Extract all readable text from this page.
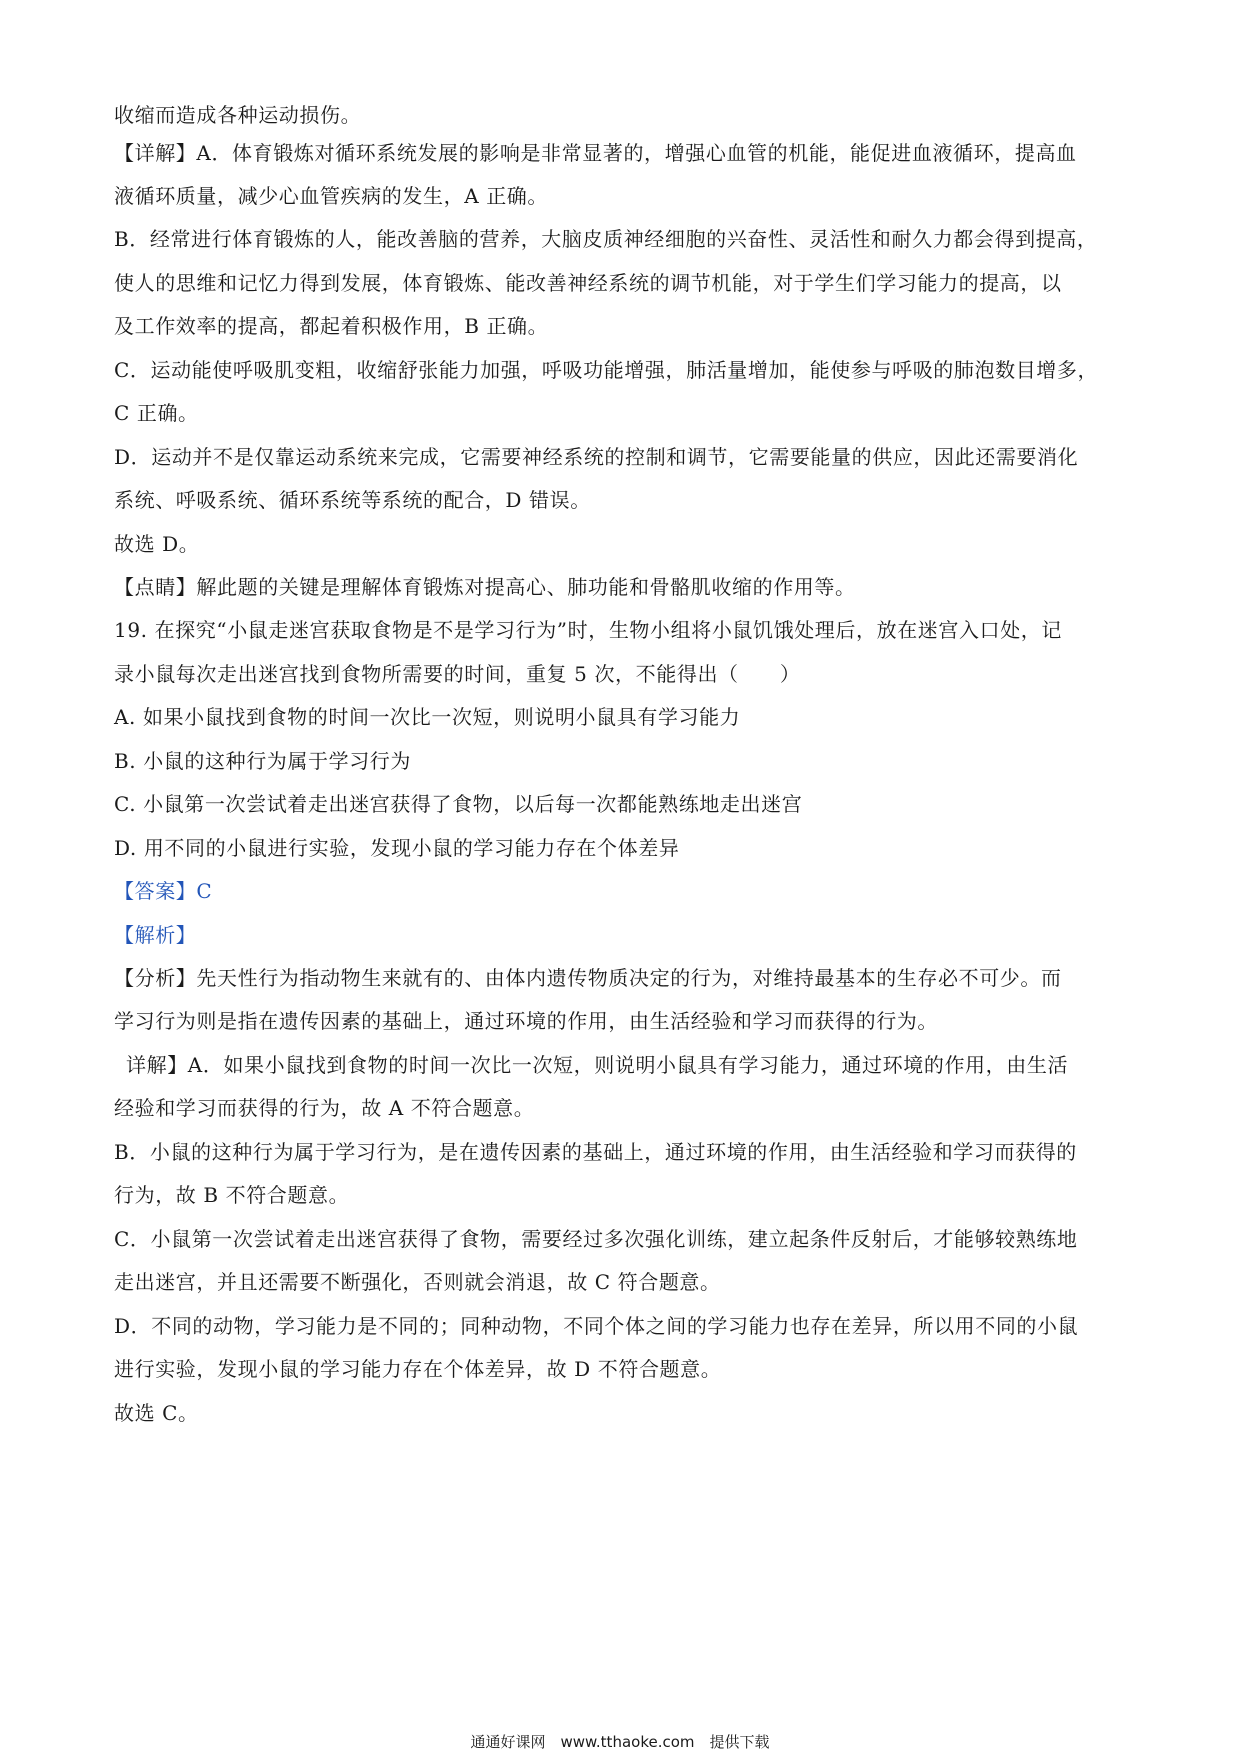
收缩而造成各种运动损伤。
【详解】A．体育锻炼对循环系统发展的影响是非常显著的，增强心血管的机能，能促进血液循环，提高血
液循环质量，减少心血管疾病的发生，A 正确。
B．经常进行体育锻炼的人，能改善脑的营养，大脑皮质神经细胞的兴奋性、灵活性和耐久力都会得到提高，
使人的思维和记忆力得到发展，体育锻炼、能改善神经系统的调节机能，对于学生们学习能力的提高，以
及工作效率的提高，都起着积极作用，B 正确。
C．运动能使呼吸肌变粗，收缩舒张能力加强，呼吸功能增强，肺活量增加，能使参与呼吸的肺泡数目增多，
C 正确。
D．运动并不是仅靠运动系统来完成，它需要神经系统的控制和调节，它需要能量的供应，因此还需要消化
系统、呼吸系统、循环系统等系统的配合，D 错误。
故选 D。
【点睛】解此题的关键是理解体育锻炼对提高心、肺功能和骨骼肌收缩的作用等。
19. 在探究“小鼠走迷宫获取食物是不是学习行为”时，生物小组将小鼠饥饿处理后，放在迷宫入口处，记
录小鼠每次走出迷宫找到食物所需要的时间，重复 5 次，不能得出（　　）
A. 如果小鼠找到食物的时间一次比一次短，则说明小鼠具有学习能力
B. 小鼠的这种行为属于学习行为
C. 小鼠第一次尝试着走出迷宫获得了食物，以后每一次都能熟练地走出迷宫
D. 用不同的小鼠进行实验，发现小鼠的学习能力存在个体差异
【答案】C
【解析】
【分析】先天性行为指动物生来就有的、由体内遗传物质决定的行为，对维持最基本的生存必不可少。而
学习行为则是指在遗传因素的基础上，通过环境的作用，由生活经验和学习而获得的行为。
详解】A．如果小鼠找到食物的时间一次比一次短，则说明小鼠具有学习能力，通过环境的作用，由生活
经验和学习而获得的行为，故 A 不符合题意。
B．小鼠的这种行为属于学习行为，是在遗传因素的基础上，通过环境的作用，由生活经验和学习而获得的
行为，故 B 不符合题意。
C．小鼠第一次尝试着走出迷宫获得了食物，需要经过多次强化训练，建立起条件反射后，才能够较熟练地
走出迷宫，并且还需要不断强化，否则就会消退，故 C 符合题意。
D．不同的动物，学习能力是不同的；同种动物，不同个体之间的学习能力也存在差异，所以用不同的小鼠
进行实验，发现小鼠的学习能力存在个体差异，故 D 不符合题意。
故选 C。
通通好课网　www.tthaoke.com　提供下载
